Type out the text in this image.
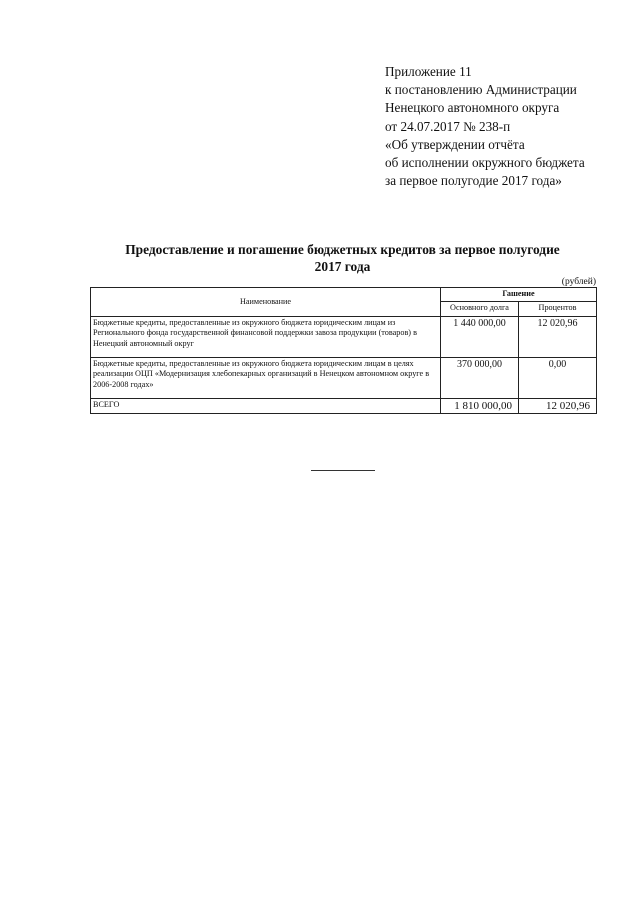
Приложение 11
к постановлению Администрации
Ненецкого автономного округа
от 24.07.2017 № 238-п
«Об утверждении отчёта
об исполнении окружного бюджета
за первое полугодие 2017 года»
Предоставление и погашение бюджетных кредитов за первое полугодие
2017 года
(рублей)
Наименование	Гашение	
	Основного долга	Процентов
Бюджетные кредиты, предоставленные из окружного бюджета юридическим лицам из Регионального фонда государственной финансовой поддержки завоза продукции (товаров) в Ненецкий автономный округ	1 440 000,00	12 020,96
Бюджетные кредиты, предоставленные из окружного бюджета юридическим лицам в целях реализации ОЦП «Модернизация хлебопекарных организаций в Ненецком автономном округе в 2006-2008 годах»	370 000,00	0,00
ВСЕГО	1 810 000,00	12 020,96
